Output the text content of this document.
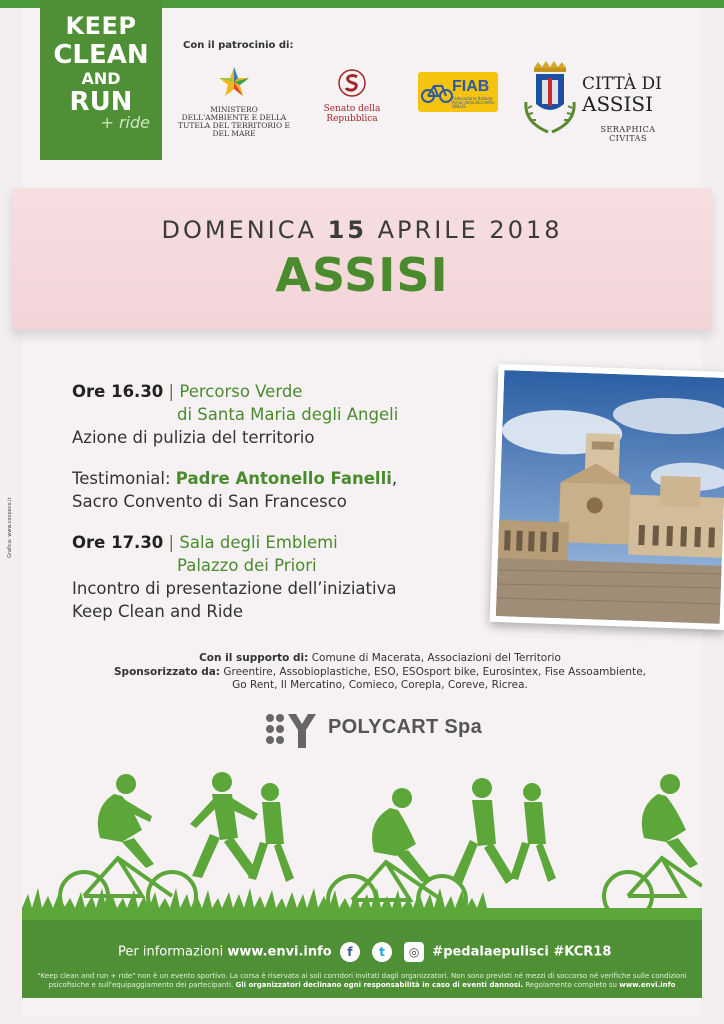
KEEP
CLEAN
AND
RUN
+ ride
Con il patrocinio di:
MINISTERO DELL'AMBIENTE E DELLA TUTELA DEL TERRITORIO E DEL MARE
Senato della Repubblica
FIAB
Federazione Italiana Amici della Bicicletta ONLUS
CITTÀ DI
ASSISI
SERAPHICA CIVITAS
DOMENICA 15 APRILE 2018
ASSISI
Ore 16.30 | Percorso Verde
di Santa Maria degli Angeli
Azione di pulizia del territorio
Testimonial: Padre Antonello Fanelli,
Sacro Convento di San Francesco
Ore 17.30 | Sala degli Emblemi
Palazzo dei Priori
Incontro di presentazione dell’iniziativa
Keep Clean and Ride
Con il supporto di: Comune di Macerata, Associazioni del Territorio
Sponsorizzato da: Greentire, Assobioplastiche, ESO, ESOsport bike, Eurosintex, Fise Assoambiente,
Go Rent, Il Mercatino, Comieco, Corepla, Coreve, Ricrea.
POLYCART Spa
Per informazioni www.envi.info f t ◎ #pedalaepulisci #KCR18
"Keep clean and run + ride" non è un evento sportivo. La corsa è riservata ai soli corridori invitati dagli organizzatori. Non sono previsti né mezzi di soccorso né verifiche sulle condizioni
psicofisiche e sull'equipaggiamento dei partecipanti. Gli organizzatori declinano ogni responsabilità in caso di eventi dannosi. Regolamento completo su www.envi.info
Grafica: www.coopeco.it
